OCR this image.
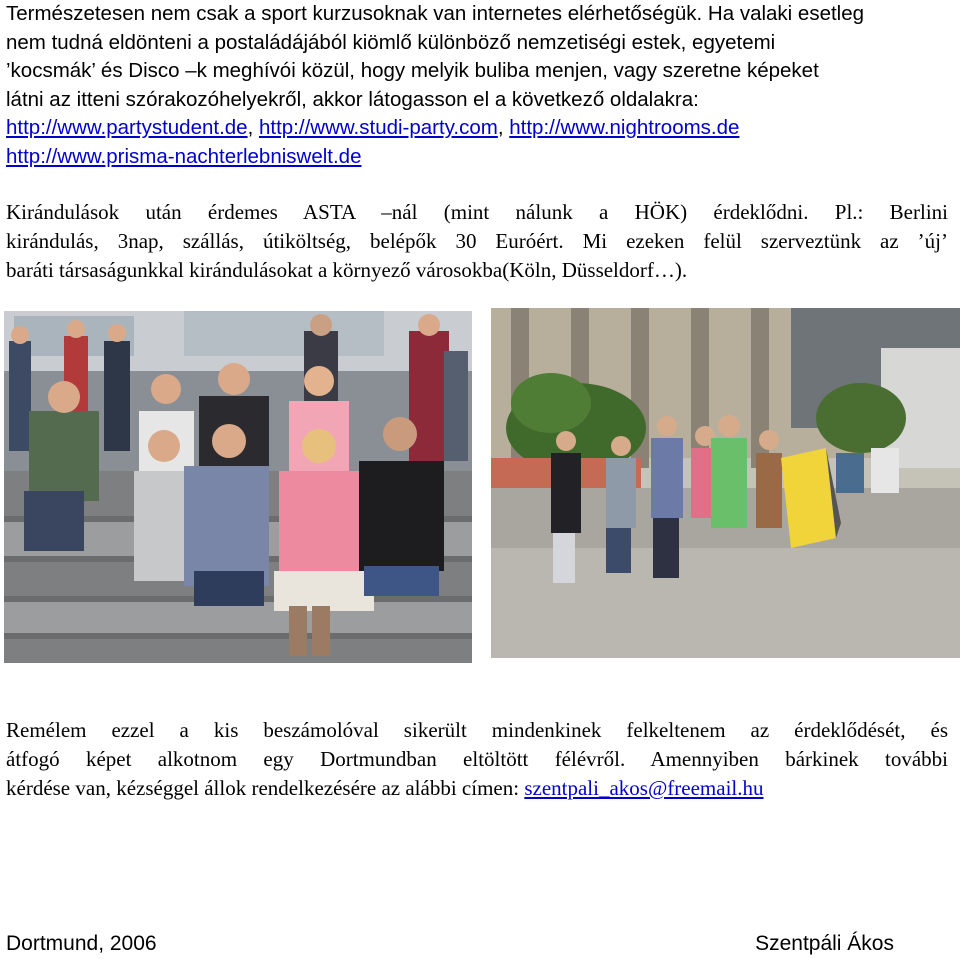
Természetesen nem csak a sport kurzusoknak van internetes elérhetőségük. Ha valaki esetleg
nem tudná eldönteni a postaládájából kiömlő különböző nemzetiségi estek, egyetemi
’kocsmák’ és Disco –k meghívói közül, hogy melyik buliba menjen, vagy szeretne képeket
látni az itteni szórakozóhelyekről, akkor látogasson el a következő oldalakra:
http://www.partystudent.de, http://www.studi-party.com, http://www.nightrooms.de
http://www.prisma-nachterlebniswelt.de
Kirándulások után érdemes ASTA –nál (mint nálunk a HÖK) érdeklődni. Pl.: Berlini
kirándulás, 3nap, szállás, útiköltség, belépők 30 Euróért. Mi ezeken felül szerveztünk az ’új’
baráti társaságunkkal kirándulásokat a környező városokba(Köln, Düsseldorf…).
Remélem ezzel a kis beszámolóval sikerült mindenkinek felkeltenem az érdeklődését, és
átfogó képet alkotnom egy Dortmundban eltöltött félévről. Amennyiben bárkinek további
kérdése van, kézséggel állok rendelkezésére az alábbi címen: szentpali_akos@freemail.hu
Dortmund, 2006	Szentpáli Ákos
